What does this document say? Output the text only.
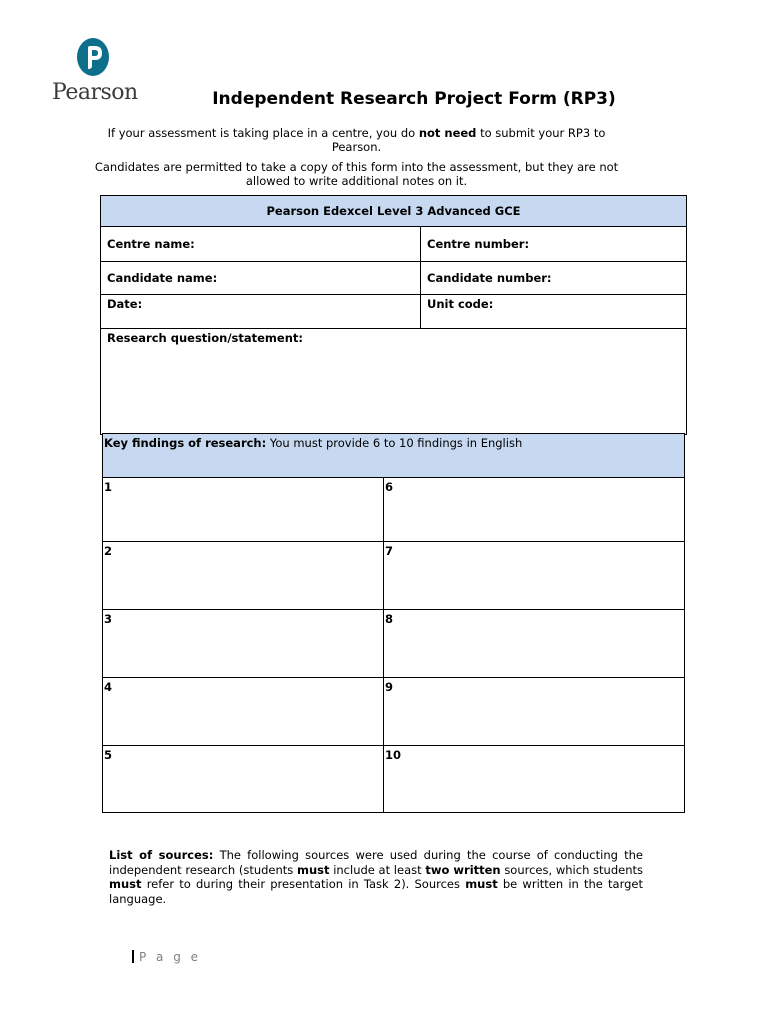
Pearson	Independent Research Project Form (RP3)

If your assessment is taking place in a centre, you do not need to submit your RP3 to Pearson.

Candidates are permitted to take a copy of this form into the assessment, but they are not allowed to write additional notes on it.

Pearson Edexcel Level 3 Advanced GCE	
Centre name:	Centre number:
Candidate name:	Candidate number:
Date:	Unit code:
Research question/statement:	
Key findings of research: You must provide 6 to 10 findings in English	
1	6
2	7
3	8
4	9
5	10

List of sources: The following sources were used during the course of conducting the independent research (students must include at least two written sources, which students must refer to during their presentation in Task 2). Sources must be written in the target language.

P a g e
